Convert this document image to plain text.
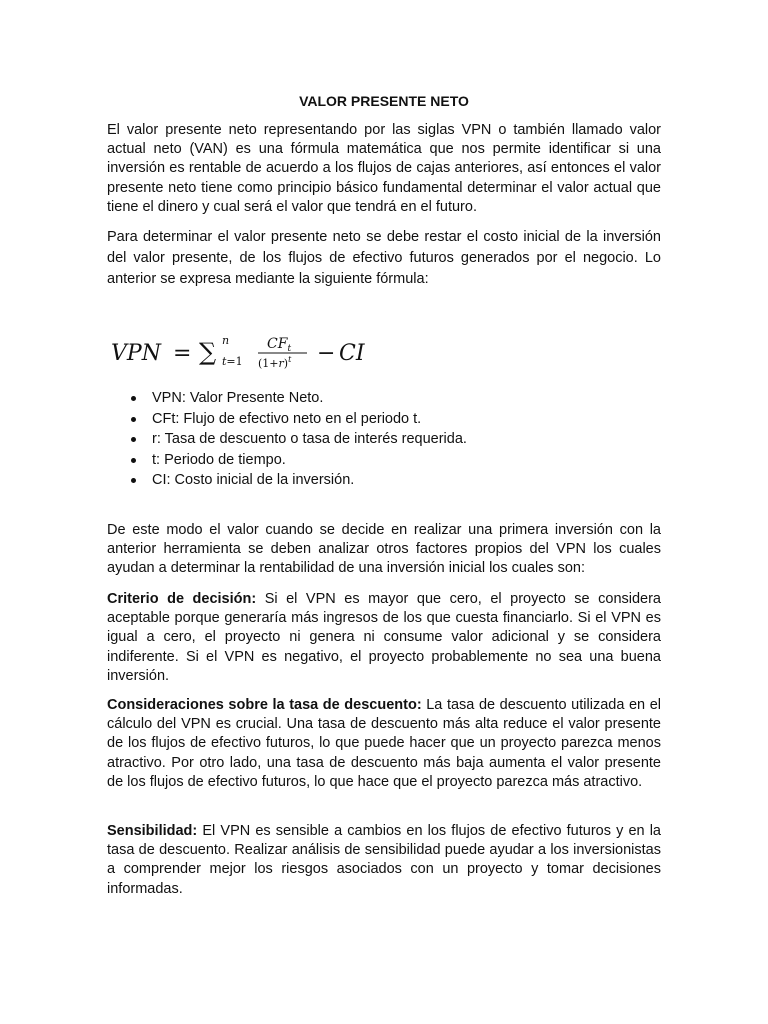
VALOR PRESENTE NETO

El valor presente neto representando por las siglas VPN o también llamado valor actual neto (VAN) es una fórmula matemática que nos permite identificar si una inversión es rentable de acuerdo a los flujos de cajas anteriores, así entonces el valor presente neto tiene como principio básico fundamental determinar el valor actual que tiene el dinero y cual será el valor que tendrá en el futuro.

Para determinar el valor presente neto se debe restar el costo inicial de la inversión del valor presente, de los flujos de efectivo futuros generados por el negocio. Lo anterior se expresa mediante la siguiente fórmula:

VPN = ∑ n
t=1
$CF_t$
$(1+r)^t$ − CI
VPN: Valor Presente Neto.
CFt: Flujo de efectivo neto en el periodo t.
r: Tasa de descuento o tasa de interés requerida.
t: Periodo de tiempo.
CI: Costo inicial de la inversión.

De este modo el valor cuando se decide en realizar una primera inversión con la anterior herramienta se deben analizar otros factores propios del VPN los cuales ayudan a determinar la rentabilidad de una inversión inicial los cuales son:

Criterio de decisión: Si el VPN es mayor que cero, el proyecto se considera aceptable porque generaría más ingresos de los que cuesta financiarlo. Si el VPN es igual a cero, el proyecto ni genera ni consume valor adicional y se considera indiferente. Si el VPN es negativo, el proyecto probablemente no sea una buena inversión.

Consideraciones sobre la tasa de descuento: La tasa de descuento utilizada en el cálculo del VPN es crucial. Una tasa de descuento más alta reduce el valor presente de los flujos de efectivo futuros, lo que puede hacer que un proyecto parezca menos atractivo. Por otro lado, una tasa de descuento más baja aumenta el valor presente de los flujos de efectivo futuros, lo que hace que el proyecto parezca más atractivo.

Sensibilidad: El VPN es sensible a cambios en los flujos de efectivo futuros y en la tasa de descuento. Realizar análisis de sensibilidad puede ayudar a los inversionistas a comprender mejor los riesgos asociados con un proyecto y tomar decisiones informadas.
